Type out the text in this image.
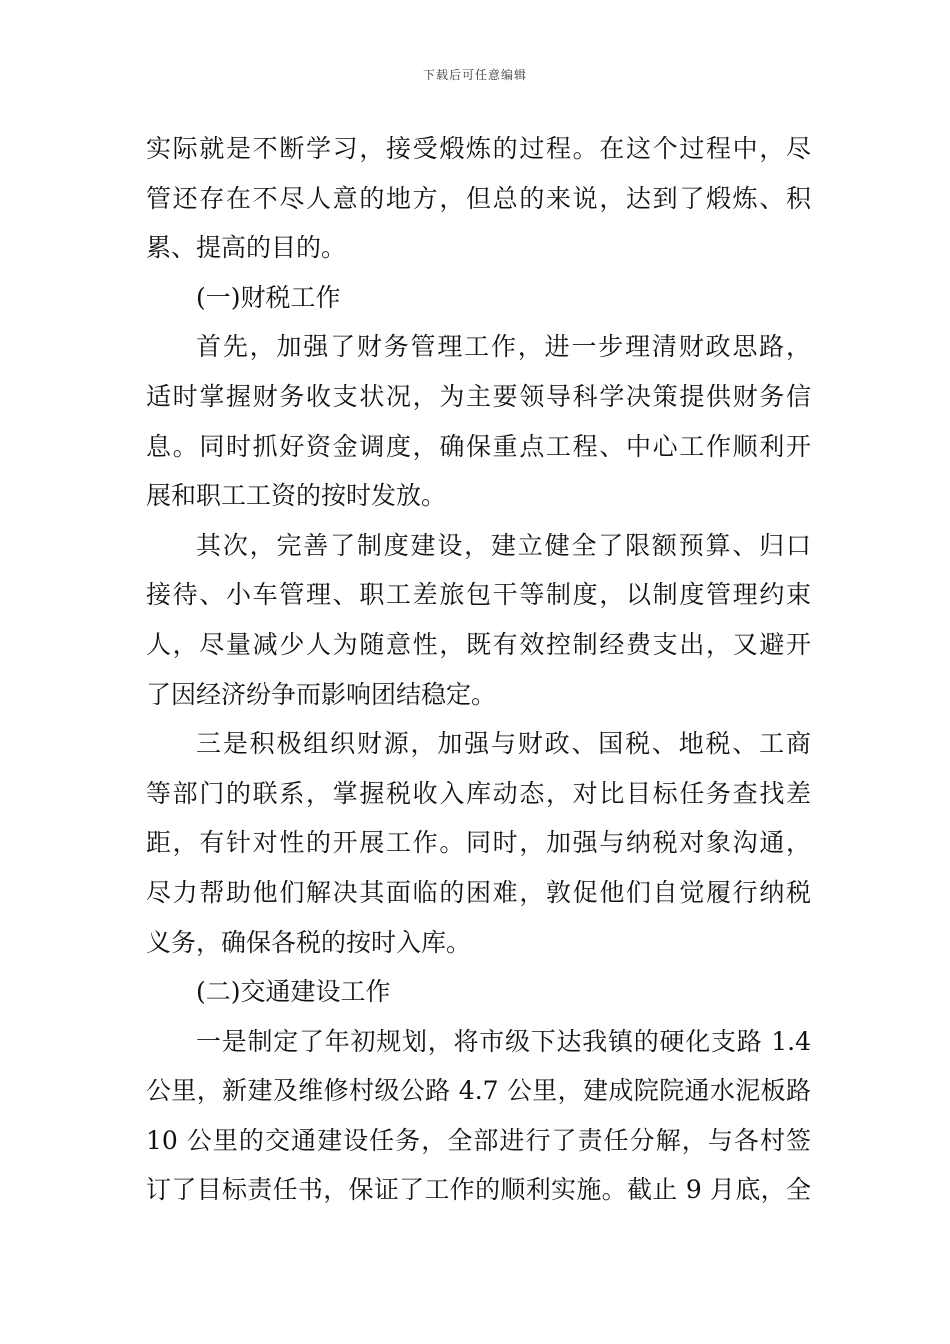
下载后可任意编辑
实际就是不断学习，接受煅炼的过程。在这个过程中，尽
管还存在不尽人意的地方，但总的来说，达到了煅炼、积
累、提高的目的。
(一)财税工作
首先，加强了财务管理工作，进一步理清财政思路，
适时掌握财务收支状况，为主要领导科学决策提供财务信
息。同时抓好资金调度，确保重点工程、中心工作顺利开
展和职工工资的按时发放。
其次，完善了制度建设，建立健全了限额预算、归口
接待、小车管理、职工差旅包干等制度，以制度管理约束
人，尽量减少人为随意性，既有效控制经费支出，又避开
了因经济纷争而影响团结稳定。
三是积极组织财源，加强与财政、国税、地税、工商
等部门的联系，掌握税收入库动态，对比目标任务查找差
距，有针对性的开展工作。同时，加强与纳税对象沟通，
尽力帮助他们解决其面临的困难，敦促他们自觉履行纳税
义务，确保各税的按时入库。
(二)交通建设工作
一是制定了年初规划，将市级下达我镇的硬化支路 1.4
公里，新建及维修村级公路 4.7 公里，建成院院通水泥板路
10 公里的交通建设任务，全部进行了责任分解，与各村签
订了目标责任书，保证了工作的顺利实施。截止 9 月底，全
